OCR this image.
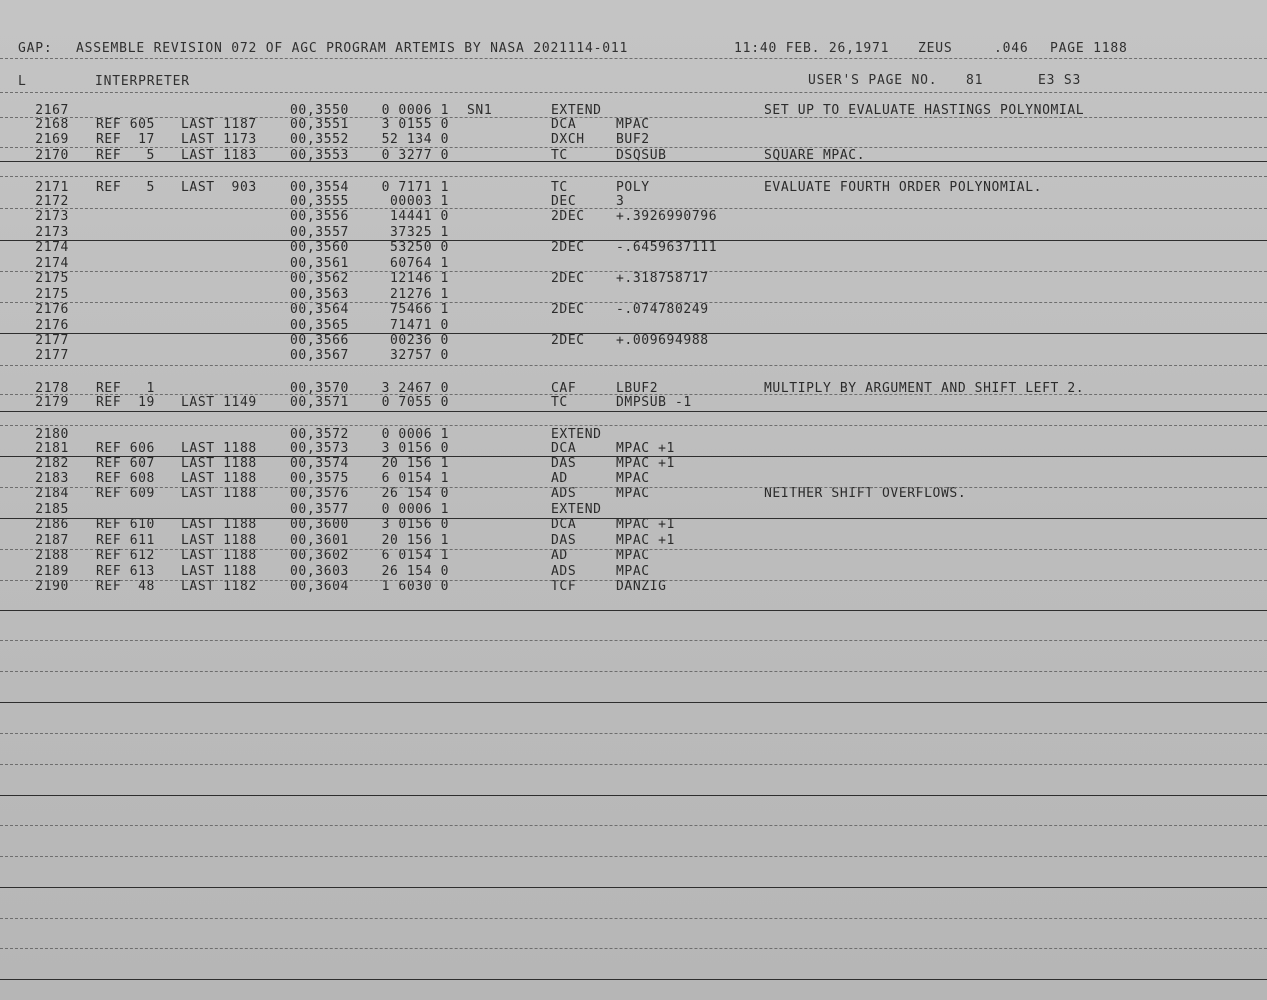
GAP: ASSEMBLE REVISION 072 OF AGC PROGRAM ARTEMIS BY NASA 2021114-011	11:40 FEB. 26,1971 ZEUS	.046 PAGE 1188
L	INTERPRETER	USER'S PAGE NO. 81	E3 S3
2167	00,3550	0 0006 1 SN1	EXTEND	SET UP TO EVALUATE HASTINGS POLYNOMIAL
2168 REF 605	LAST 1187	00,3551	3 0155 0	DCA	MPAC
2169 REF  17	LAST 1173	00,3552	52 134 0	DXCH	BUF2
2170 REF   5	LAST 1183	00,3553	0 3277 0	TC	DSQSUB	SQUARE MPAC.
2171 REF   5	LAST  903	00,3554	0 7171 1	TC	POLY	EVALUATE FOURTH ORDER POLYNOMIAL.
2172	00,3555	00003 1	DEC	3
2173	00,3556	14441 0	2DEC	+.3926990796
2173	00,3557	37325 1
2174	00,3560	53250 0	2DEC	-.6459637111
2174	00,3561	60764 1
2175	00,3562	12146 1	2DEC	+.318758717
2175	00,3563	21276 1
2176	00,3564	75466 1	2DEC	-.074780249
2176	00,3565	71471 0
2177	00,3566	00236 0	2DEC	+.009694988
2177	00,3567	32757 0
2178 REF   1	00,3570	3 2467 0	CAF	LBUF2	MULTIPLY BY ARGUMENT AND SHIFT LEFT 2.
2179 REF  19	LAST 1149	00,3571	0 7055 0	TC	DMPSUB -1
2180	00,3572	0 0006 1	EXTEND
2181 REF 606	LAST 1188	00,3573	3 0156 0	DCA	MPAC +1
2182 REF 607	LAST 1188	00,3574	20 156 1	DAS	MPAC +1
2183 REF 608	LAST 1188	00,3575	6 0154 1	AD	MPAC
2184 REF 609	LAST 1188	00,3576	26 154 0	ADS	MPAC	NEITHER SHIFT OVERFLOWS.
2185	00,3577	0 0006 1	EXTEND
2186 REF 610	LAST 1188	00,3600	3 0156 0	DCA	MPAC +1
2187 REF 611	LAST 1188	00,3601	20 156 1	DAS	MPAC +1
2188 REF 612	LAST 1188	00,3602	6 0154 1	AD	MPAC
2189 REF 613	LAST 1188	00,3603	26 154 0	ADS	MPAC
2190 REF  48	LAST 1182	00,3604	1 6030 0	TCF	DANZIG
